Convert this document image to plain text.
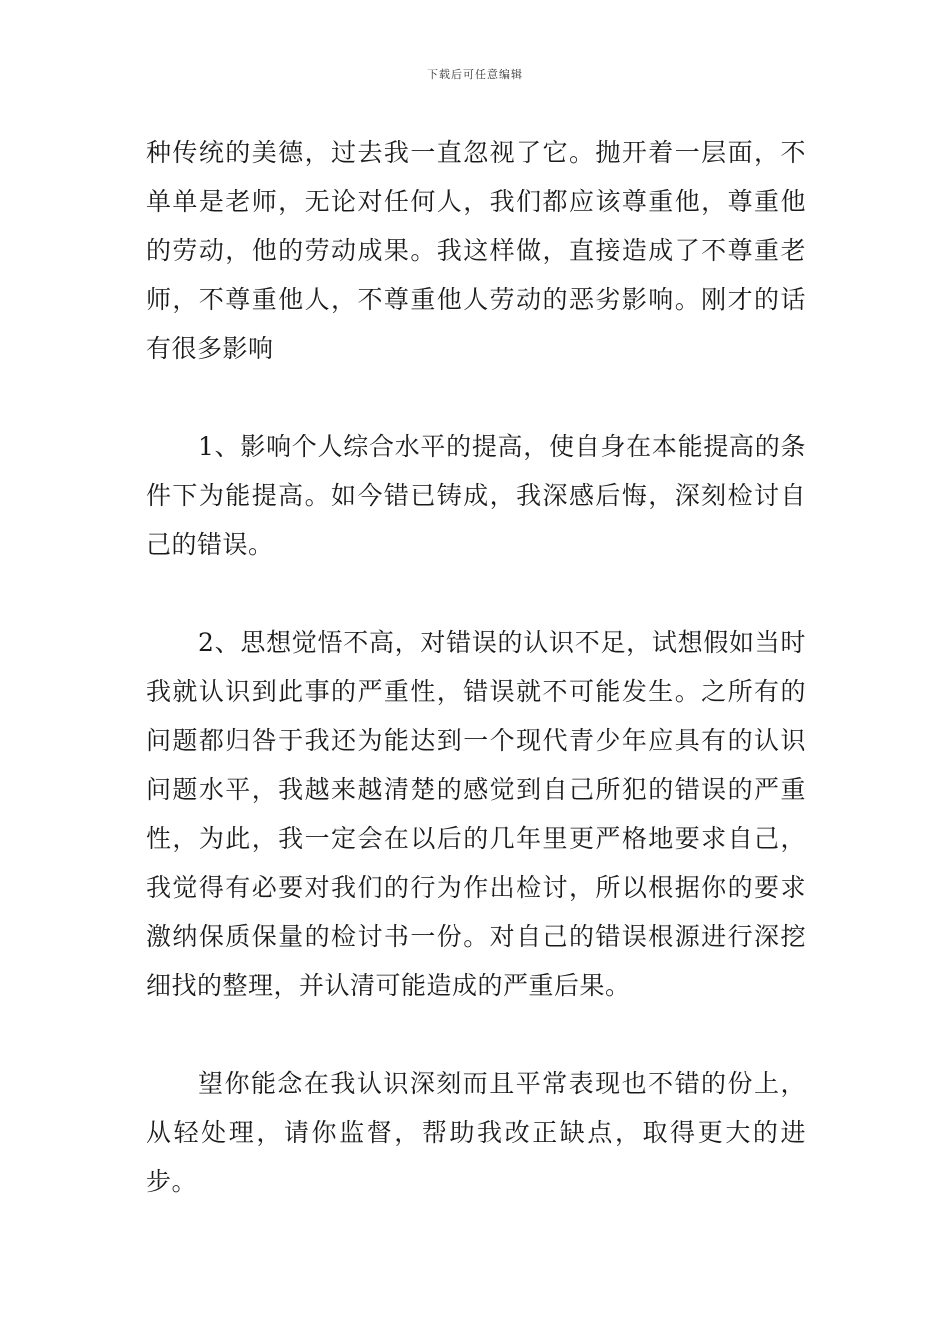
下载后可任意编辑

种传统的美德，过去我一直忽视了它。抛开着一层面，不单单是老师，无论对任何人，我们都应该尊重他，尊重他的劳动，他的劳动成果。我这样做，直接造成了不尊重老师，不尊重他人，不尊重他人劳动的恶劣影响。刚才的话有很多影响

1、影响个人综合水平的提高，使自身在本能提高的条件下为能提高。如今错已铸成，我深感后悔，深刻检讨自己的错误。

2、思想觉悟不高，对错误的认识不足，试想假如当时我就认识到此事的严重性，错误就不可能发生。之所有的问题都归咎于我还为能达到一个现代青少年应具有的认识问题水平，我越来越清楚的感觉到自己所犯的错误的严重性，为此，我一定会在以后的几年里更严格地要求自己，我觉得有必要对我们的行为作出检讨，所以根据你的要求激纳保质保量的检讨书一份。对自己的错误根源进行深挖细找的整理，并认清可能造成的严重后果。

望你能念在我认识深刻而且平常表现也不错的份上，从轻处理，请你监督，帮助我改正缺点，取得更大的进步。
